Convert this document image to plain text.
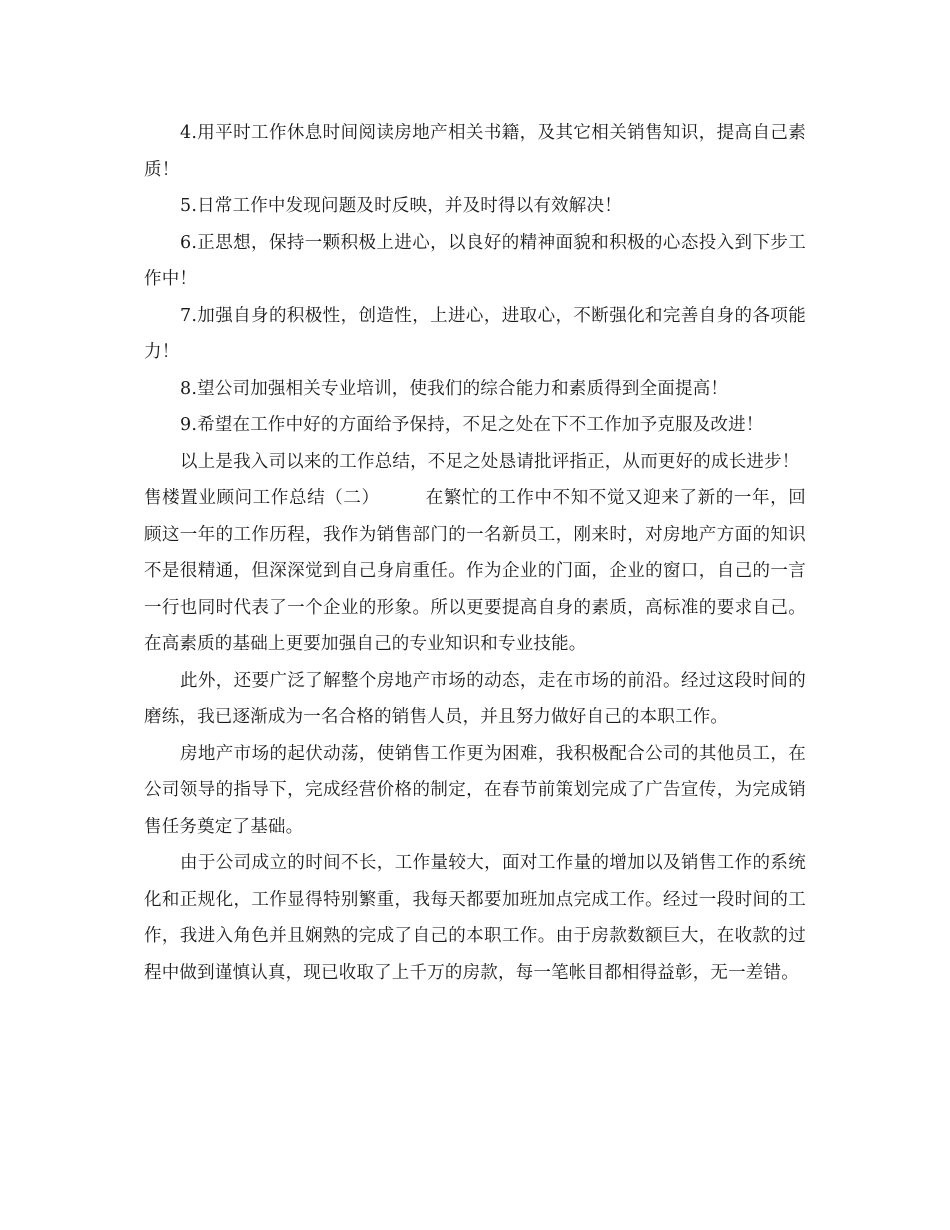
4.用平时工作休息时间阅读房地产相关书籍，及其它相关销售知识，提高自己素质！

5.日常工作中发现问题及时反映，并及时得以有效解决！

6.正思想，保持一颗积极上进心，以良好的精神面貌和积极的心态投入到下步工作中！

7.加强自身的积极性，创造性，上进心，进取心，不断强化和完善自身的各项能力！

8.望公司加强相关专业培训，使我们的综合能力和素质得到全面提高！

9.希望在工作中好的方面给予保持，不足之处在下不工作加予克服及改进！

以上是我入司以来的工作总结，不足之处恳请批评指正，从而更好的成长进步！

售楼置业顾问工作总结（二）	在繁忙的工作中不知不觉又迎来了新的一年，回顾这一年的工作历程，我作为销售部门的一名新员工，刚来时，对房地产方面的知识不是很精通，但深深觉到自己身肩重任。作为企业的门面，企业的窗口，自己的一言一行也同时代表了一个企业的形象。所以更要提高自身的素质，高标准的要求自己。在高素质的基础上更要加强自己的专业知识和专业技能。

此外，还要广泛了解整个房地产市场的动态，走在市场的前沿。经过这段时间的磨练，我已逐渐成为一名合格的销售人员，并且努力做好自己的本职工作。

房地产市场的起伏动荡，使销售工作更为困难，我积极配合公司的其他员工，在公司领导的指导下，完成经营价格的制定，在春节前策划完成了广告宣传，为完成销售任务奠定了基础。

由于公司成立的时间不长，工作量较大，面对工作量的增加以及销售工作的系统化和正规化，工作显得特别繁重，我每天都要加班加点完成工作。经过一段时间的工作，我进入角色并且娴熟的完成了自己的本职工作。由于房款数额巨大，在收款的过程中做到谨慎认真，现已收取了上千万的房款，每一笔帐目都相得益彰，无一差错。
